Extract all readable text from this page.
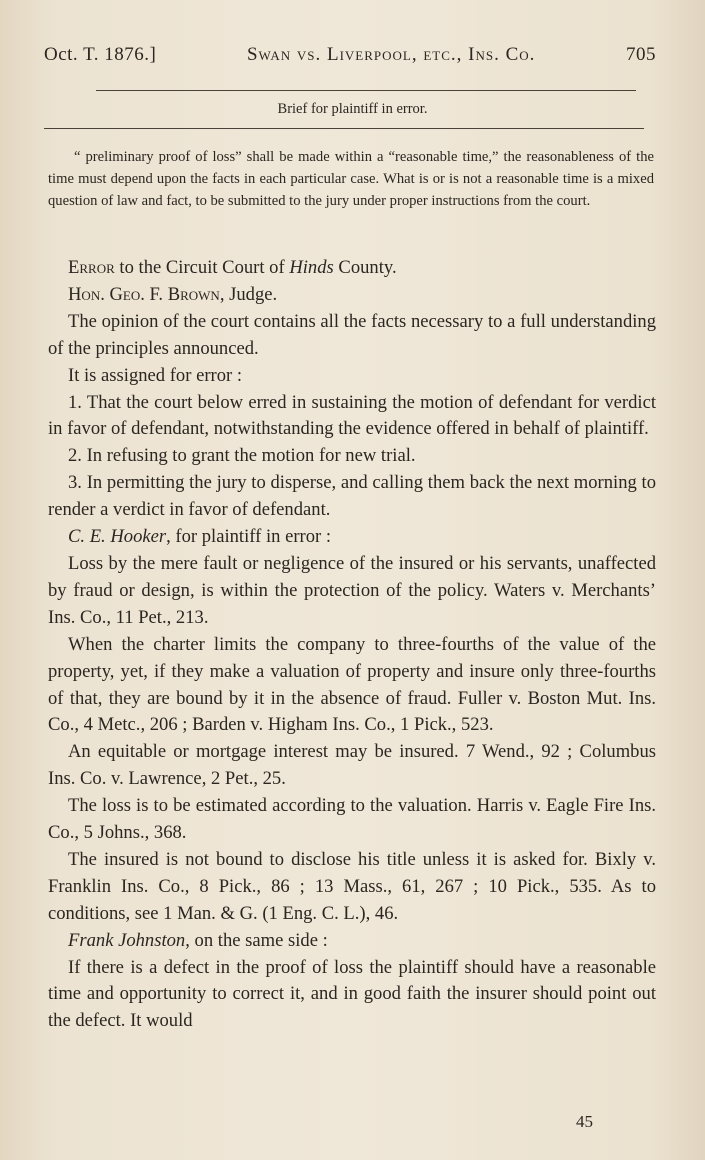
Oct. T. 1876.]	Swan vs. Liverpool, etc., Ins. Co.	705
Brief for plaintiff in error.

“ preliminary proof of loss” shall be made within a “reasonable time,” the reasonableness of the time must depend upon the facts in each particular case. What is or is not a reasonable time is a mixed question of law and fact, to be submitted to the jury under proper instructions from the court.

Error to the Circuit Court of Hinds County.

Hon. Geo. F. Brown, Judge.

The opinion of the court contains all the facts necessary to a full understanding of the principles announced.

It is assigned for error :

1. That the court below erred in sustaining the motion of defendant for verdict in favor of defendant, notwithstanding the evidence offered in behalf of plaintiff.

2. In refusing to grant the motion for new trial.

3. In permitting the jury to disperse, and calling them back the next morning to render a verdict in favor of defendant.

C. E. Hooker, for plaintiff in error :

Loss by the mere fault or negligence of the insured or his servants, unaffected by fraud or design, is within the protection of the policy. Waters v. Merchants’ Ins. Co., 11 Pet., 213.

When the charter limits the company to three-fourths of the value of the property, yet, if they make a valuation of property and insure only three-fourths of that, they are bound by it in the absence of fraud. Fuller v. Boston Mut. Ins. Co., 4 Metc., 206 ; Barden v. Higham Ins. Co., 1 Pick., 523.

An equitable or mortgage interest may be insured. 7 Wend., 92 ; Columbus Ins. Co. v. Lawrence, 2 Pet., 25.

The loss is to be estimated according to the valuation. Harris v. Eagle Fire Ins. Co., 5 Johns., 368.

The insured is not bound to disclose his title unless it is asked for. Bixly v. Franklin Ins. Co., 8 Pick., 86 ; 13 Mass., 61, 267 ; 10 Pick., 535. As to conditions, see 1 Man. & G. (1 Eng. C. L.), 46.

Frank Johnston, on the same side :

If there is a defect in the proof of loss the plaintiff should have a reasonable time and opportunity to correct it, and in good faith the insurer should point out the defect. It would

45
